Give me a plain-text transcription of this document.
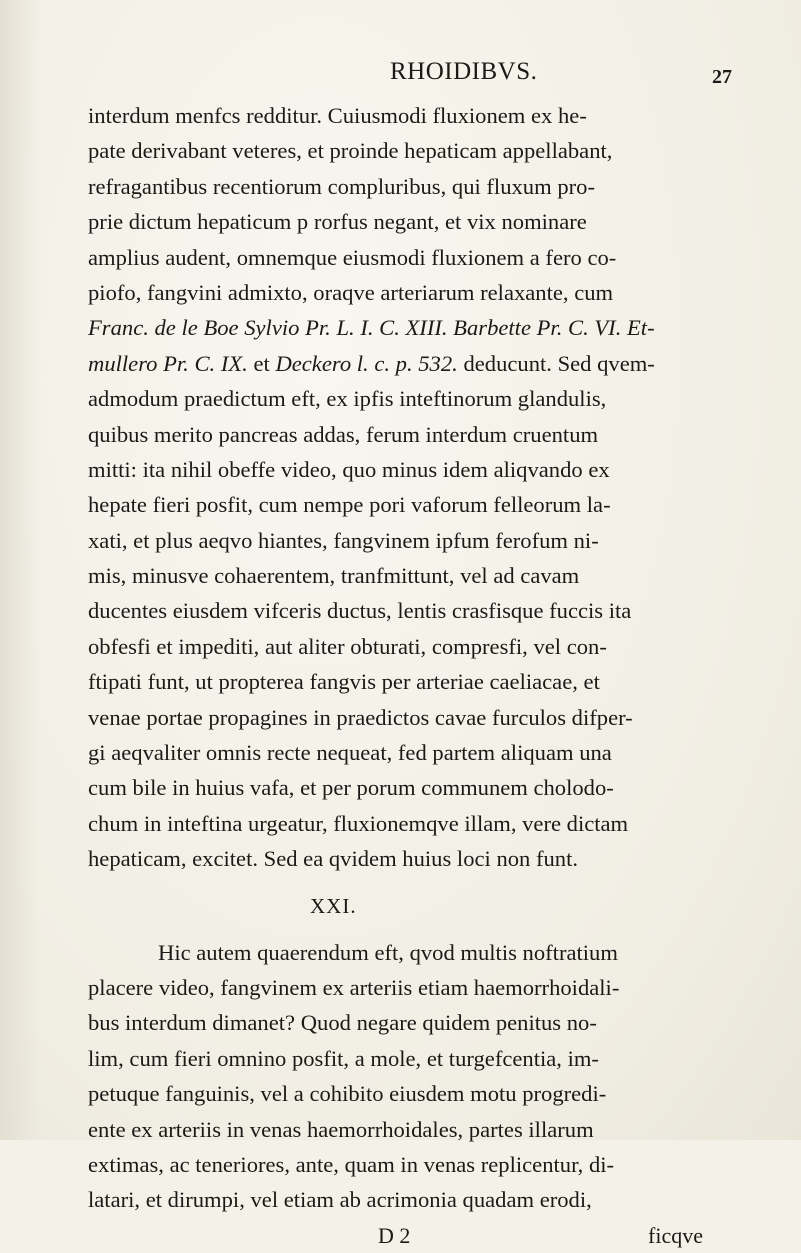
RHOIDIBVS.	27
interdum menfcs redditur. Cuiusmodi fluxionem ex he-
pate derivabant veteres, et proinde hepaticam appellabant,
refragantibus recentiorum compluribus, qui fluxum pro-
prie dictum hepaticum p rorfus negant, et vix nominare
amplius audent, omnemque eiusmodi fluxionem a fero co-
piofo, fangvini admixto, oraqve arteriarum relaxante, cum
Franc. de le Boe Sylvio Pr. L. I. C. XIII. Barbette Pr. C. VI. Et-
mullero Pr. C. IX. et Deckero l. c. p. 532. deducunt. Sed qvem-
admodum praedictum eft, ex ipfis inteftinorum glandulis,
quibus merito pancreas addas, ferum interdum cruentum
mitti: ita nihil obeffe video, quo minus idem aliqvando ex
hepate fieri posfit, cum nempe pori vaforum felleorum la-
xati, et plus aeqvo hiantes, fangvinem ipfum ferofum ni-
mis, minusve cohaerentem, tranfmittunt, vel ad cavam
ducentes eiusdem vifceris ductus, lentis crasfisque fuccis ita
obfesfi et impediti, aut aliter obturati, compresfi, vel con-
ftipati funt, ut propterea fangvis per arteriae caeliacae, et
venae portae propagines in praedictos cavae furculos difper-
gi aeqvaliter omnis recte nequeat, fed partem aliquam una
cum bile in huius vafa, et per porum communem cholodo-
chum in inteftina urgeatur, fluxionemqve illam, vere dictam
hepaticam, excitet. Sed ea qvidem huius loci non funt.
XXI.
Hic autem quaerendum eft, qvod multis noftratium
placere video, fangvinem ex arteriis etiam haemorrhoidali-
bus interdum dimanet? Quod negare quidem penitus no-
lim, cum fieri omnino posfit, a mole, et turgefcentia, im-
petuque fanguinis, vel a cohibito eiusdem motu progredi-
ente ex arteriis in venas haemorrhoidales, partes illarum
extimas, ac teneriores, ante, quam in venas replicentur, di-
latari, et dirumpi, vel etiam ab acrimonia quadam erodi,
D 2	ficqve
